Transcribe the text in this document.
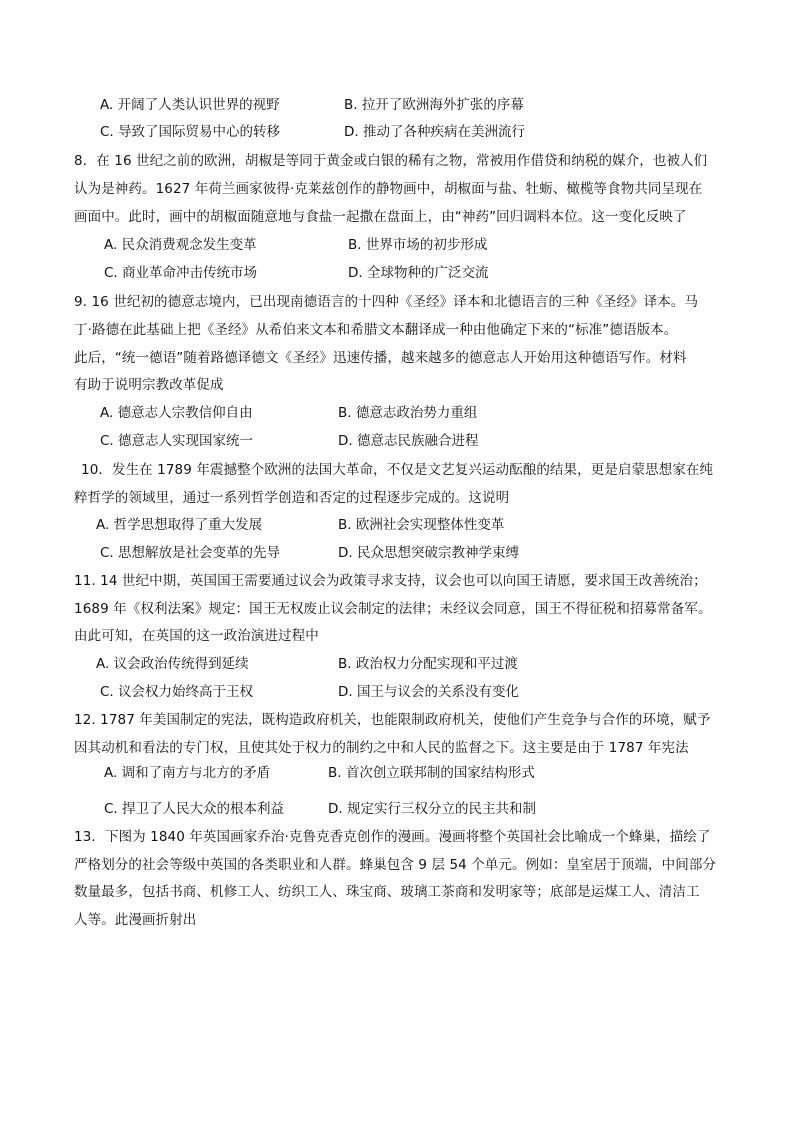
A. 开阔了人类认识世界的视野	B. 拉开了欧洲海外扩张的序幕
C. 导致了国际贸易中心的转移	D. 推动了各种疾病在美洲流行
8．在 16 世纪之前的欧洲，胡椒是等同于黄金或白银的稀有之物，常被用作借贷和纳税的媒介，也被人们
认为是神药。1627 年荷兰画家彼得·克莱兹创作的静物画中，胡椒面与盐、牡蛎、橄榄等食物共同呈现在
画面中。此时，画中的胡椒面随意地与食盐一起撒在盘面上，由“神药”回归调料本位。这一变化反映了
A. 民众消费观念发生变革	B. 世界市场的初步形成
C. 商业革命冲击传统市场	D. 全球物种的广泛交流
9. 16 世纪初的德意志境内，已出现南德语言的十四种《圣经》译本和北德语言的三种《圣经》译本。马
丁·路德在此基础上把《圣经》从希伯来文本和希腊文本翻译成一种由他确定下来的“标准”德语版本。
此后，“统一德语”随着路德译德文《圣经》迅速传播，越来越多的德意志人开始用这种德语写作。材料
有助于说明宗教改革促成
A. 德意志人宗教信仰自由	B. 德意志政治势力重组
C. 德意志人实现国家统一	D. 德意志民族融合进程
10．发生在 1789 年震撼整个欧洲的法国大革命，不仅是文艺复兴运动酝酿的结果，更是启蒙思想家在纯
粹哲学的领域里，通过一系列哲学创造和否定的过程逐步完成的。这说明
A. 哲学思想取得了重大发展	B. 欧洲社会实现整体性变革
C. 思想解放是社会变革的先导	D. 民众思想突破宗教神学束缚
11. 14 世纪中期，英国国王需要通过议会为政策寻求支持，议会也可以向国王请愿，要求国王改善统治；
1689 年《权利法案》规定：国王无权废止议会制定的法律；未经议会同意，国王不得征税和招募常备军。
由此可知，在英国的这一政治演进过程中
A. 议会政治传统得到延续	B. 政治权力分配实现和平过渡
C. 议会权力始终高于王权	D. 国王与议会的关系没有变化
12. 1787 年美国制定的宪法，既构造政府机关，也能限制政府机关，使他们产生竞争与合作的环境，赋予
因其动机和看法的专门权，且使其处于权力的制约之中和人民的监督之下。这主要是由于 1787 年宪法
A. 调和了南方与北方的矛盾	B. 首次创立联邦制的国家结构形式
C. 捍卫了人民大众的根本利益	D. 规定实行三权分立的民主共和制
13．下图为 1840 年英国画家乔治·克鲁克香克创作的漫画。漫画将整个英国社会比喻成一个蜂巢，描绘了
严格划分的社会等级中英国的各类职业和人群。蜂巢包含 9 层 54 个单元。例如：皇室居于顶端，中间部分
数量最多，包括书商、机修工人、纺织工人、珠宝商、玻璃工茶商和发明家等；底部是运煤工人、清洁工
人等。此漫画折射出
